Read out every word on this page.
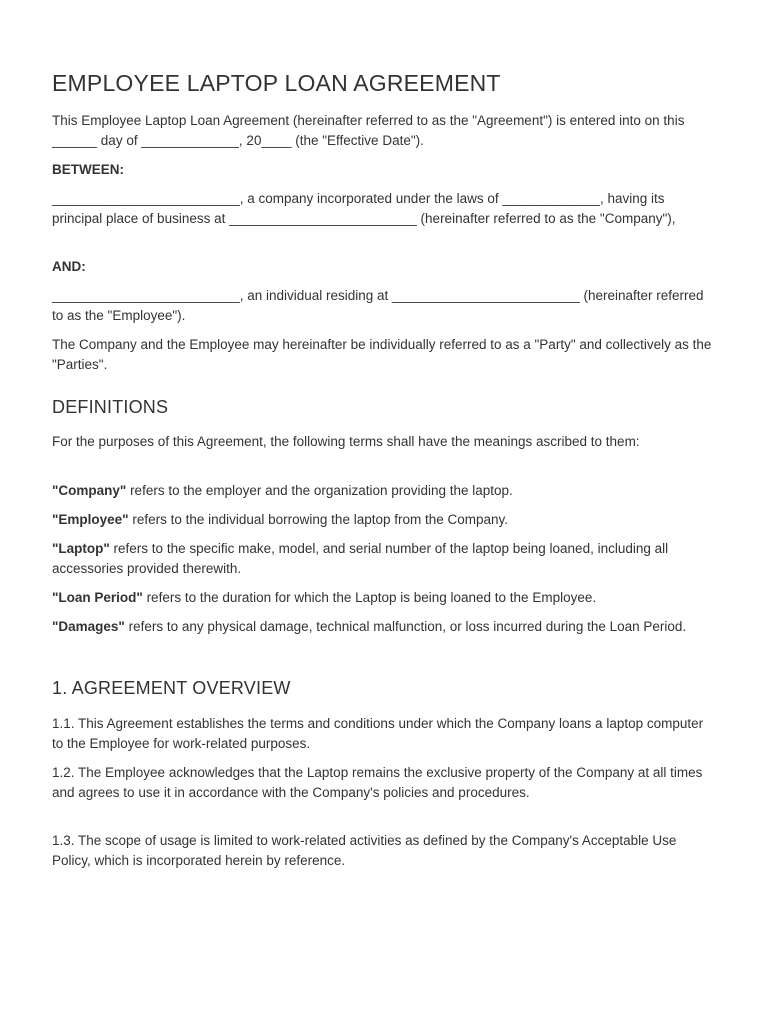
EMPLOYEE LAPTOP LOAN AGREEMENT

This Employee Laptop Loan Agreement (hereinafter referred to as the "Agreement") is entered into on this ______ day of _____________, 20____ (the "Effective Date").

BETWEEN:

_________________________, a company incorporated under the laws of _____________, having its principal place of business at _________________________ (hereinafter referred to as the "Company"),

AND:

_________________________, an individual residing at _________________________ (hereinafter referred to as the "Employee").

The Company and the Employee may hereinafter be individually referred to as a "Party" and collectively as the "Parties".

DEFINITIONS

For the purposes of this Agreement, the following terms shall have the meanings ascribed to them:

"Company" refers to the employer and the organization providing the laptop.

"Employee" refers to the individual borrowing the laptop from the Company.

"Laptop" refers to the specific make, model, and serial number of the laptop being loaned, including all accessories provided therewith.

"Loan Period" refers to the duration for which the Laptop is being loaned to the Employee.

"Damages" refers to any physical damage, technical malfunction, or loss incurred during the Loan Period.

1. AGREEMENT OVERVIEW

1.1. This Agreement establishes the terms and conditions under which the Company loans a laptop computer to the Employee for work-related purposes.

1.2. The Employee acknowledges that the Laptop remains the exclusive property of the Company at all times and agrees to use it in accordance with the Company's policies and procedures.

1.3. The scope of usage is limited to work-related activities as defined by the Company's Acceptable Use Policy, which is incorporated herein by reference.
